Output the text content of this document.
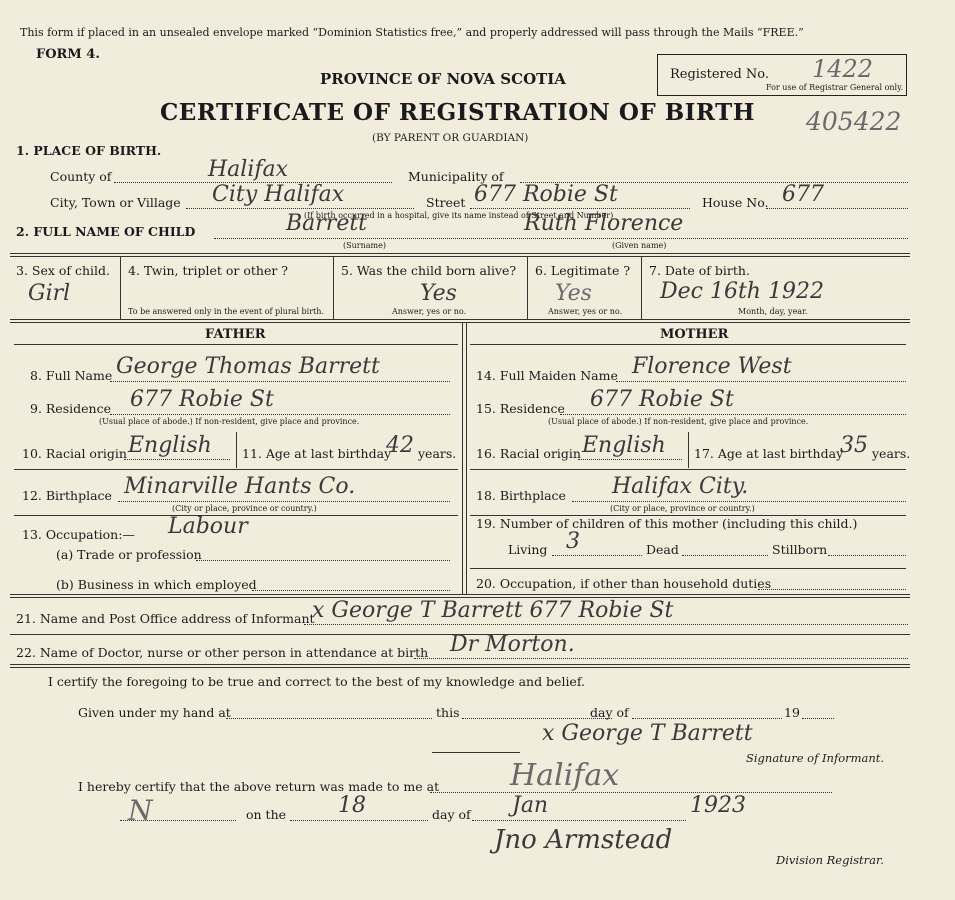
This form if placed in an unsealed envelope marked “Dominion Statistics free,” and properly addressed will pass through the Mails “FREE.”
FORM 4.
PROVINCE OF NOVA SCOTIA
CERTIFICATE OF REGISTRATION OF BIRTH
(BY PARENT OR GUARDIAN)
Registered No. 1422
For use of Registrar General only.
405422
1. PLACE OF BIRTH.
County of	Halifax	Municipality of
City, Town or Village City Halifax	Street 677 Robie St	House No. 677
(If birth occurred in a hospital, give its name instead of Street and Number)
2. FULL NAME OF CHILD	Barrett
(Surname)
Ruth Florence
(Given name)
3. Sex of child.
Girl
4. Twin, triplet or other ?
To be answered only in the event of plural birth.
5. Was the child born alive?
Yes
Answer, yes or no.
6. Legitimate ?
Yes
Answer, yes or no.
7. Date of birth.
Dec 16th 1922
Month, day, year.
FATHER	MOTHER
8. Full Name George Thomas Barrett
9. Residence 677 Robie St
(Usual place of abode.) If non-resident, give place and province.
10. Racial origin English 11. Age at last birthday
42 years.
12. Birthplace Minarville Hants Co.
(City or place, province or country.)
13. Occupation:— Labour
(a) Trade or profession
(b) Business in which employed
14. Full Maiden Name Florence West
15. Residence 677 Robie St
(Usual place of abode.) If non-resident, give place and province.
16. Racial origin English 17. Age at last birthday
35 years.
18. Birthplace Halifax City.
(City or place, province or country.)
19. Number of children of this mother (including this child.)
Living 3	Dead	Stillborn
20. Occupation, if other than household duties
21. Name and Post Office address of Informant
x George T Barrett 677 Robie St
22. Name of Doctor, nurse or other person in attendance at birth Dr Morton.
I certify the foregoing to be true and correct to the best of my knowledge and belief.
Given under my hand at	this	day of	19
x George T Barrett
Signature of Informant.
I hereby certify that the above return was made to me at Halifax
N	on the 18	day of Jan	1923
Jno Armstead
Division Registrar.
